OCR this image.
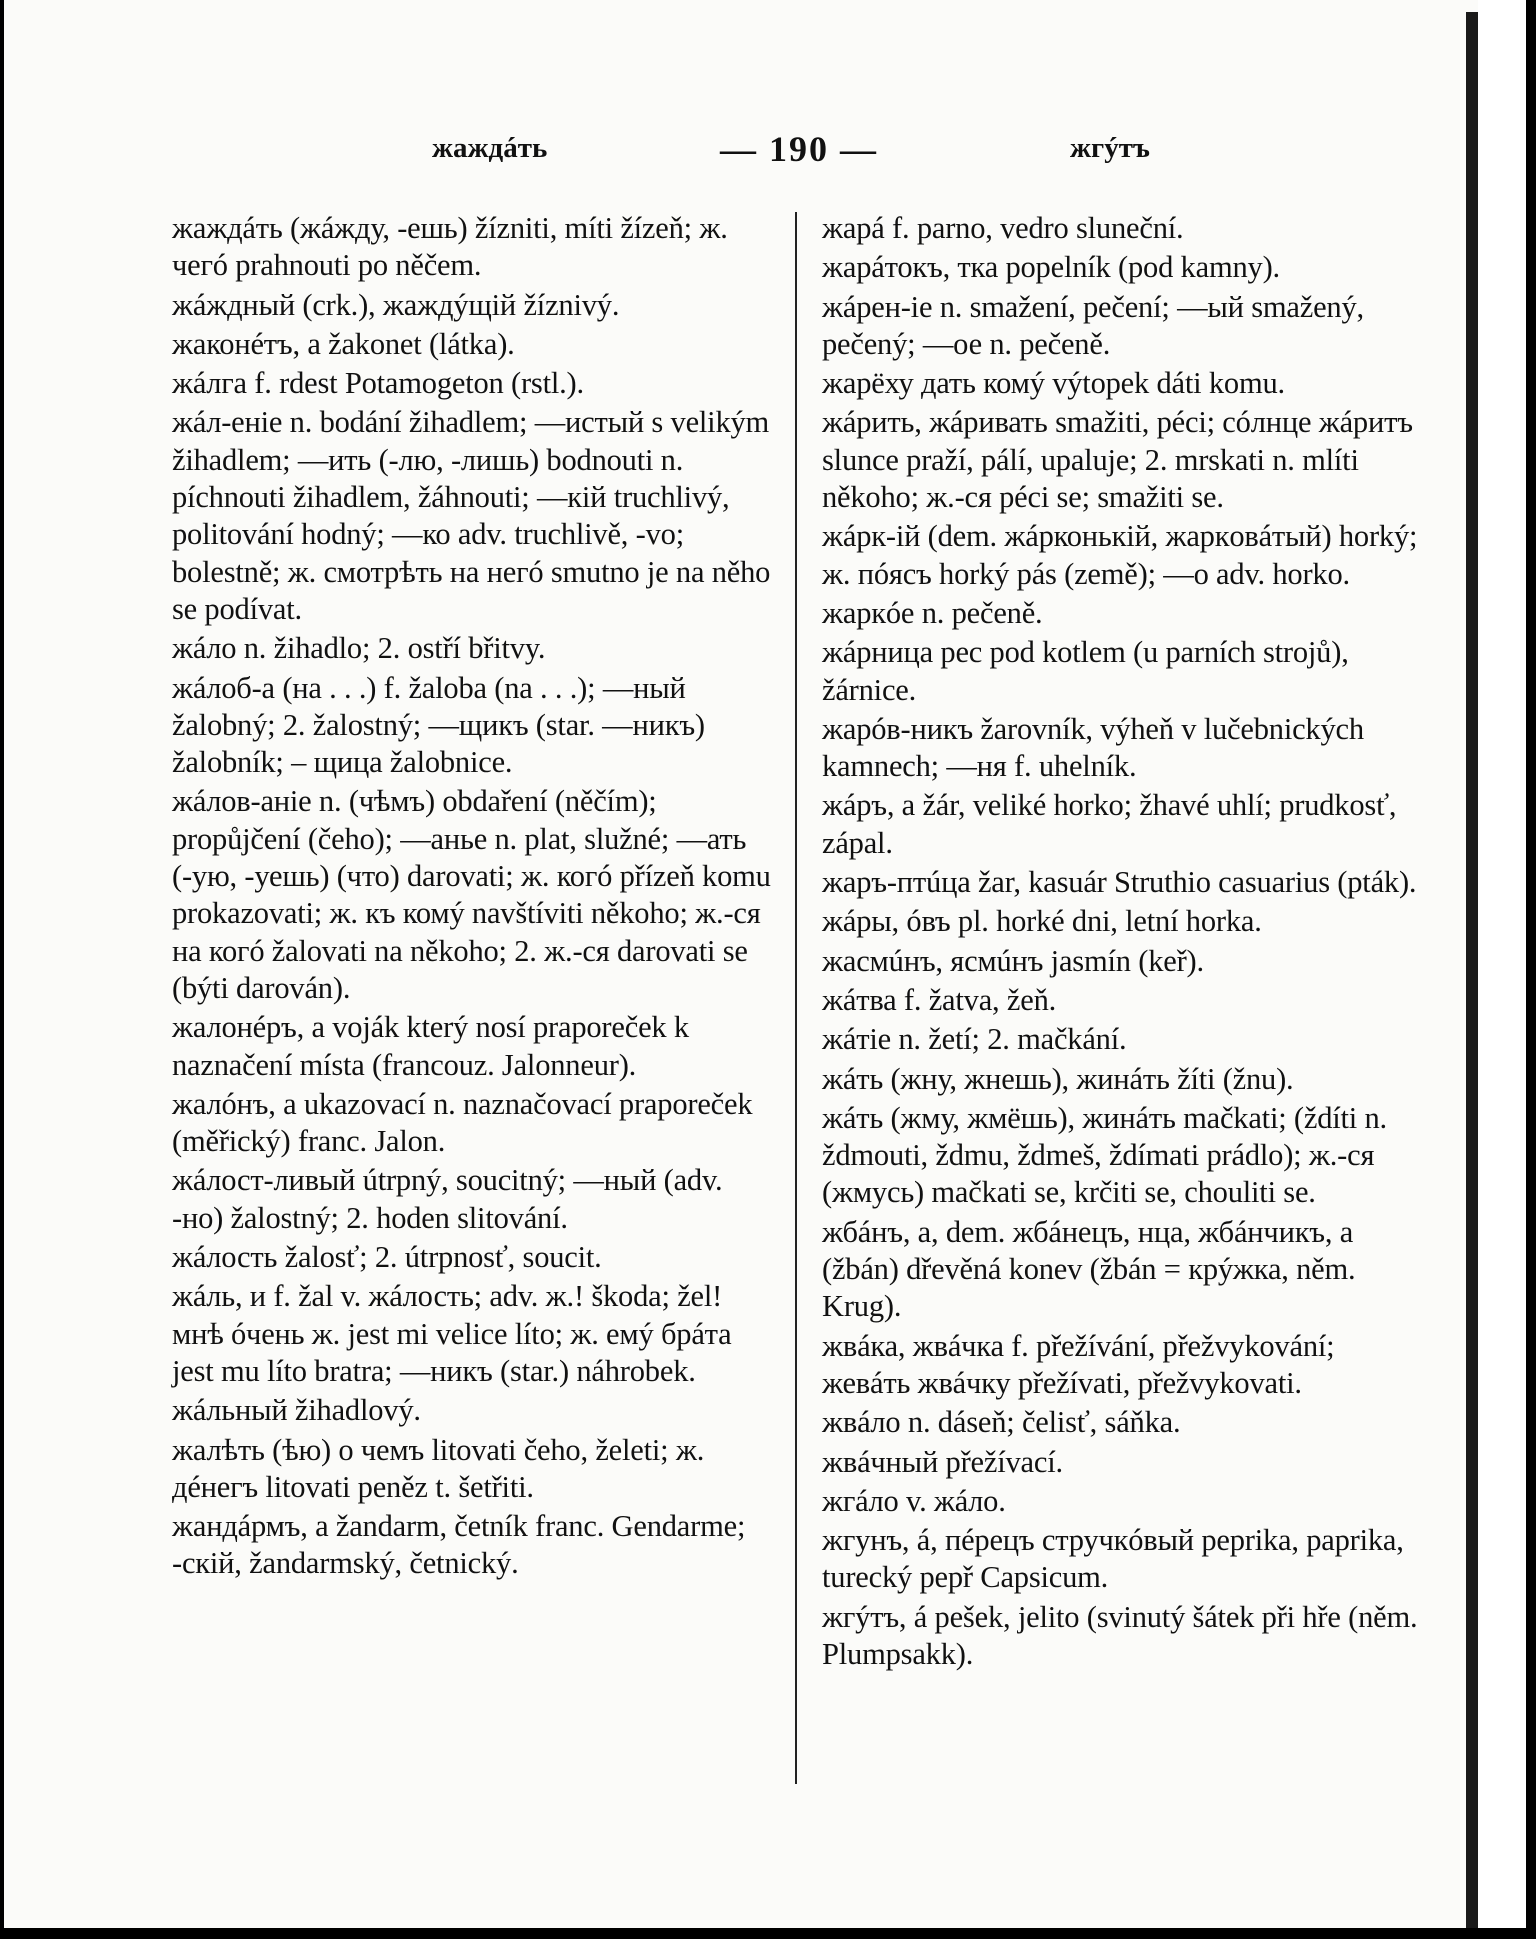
жаждáть	— 190 —	жгýтъ
жаждáть (жáжду, -ешь) žízniti, míti žízeň; ж. чегó prahnouti po něčem.
жáждный (crk.), жаждýщій žíznivý.
жаконéтъ, а žakonet (látka).
жáлга f. rdest Potamogeton (rstl.).
жáл-еніе n. bodání žihadlem; —истый s velikým žihadlem; —ить (-лю, -лишь) bodnouti n. píchnouti žihadlem, žáhnouti; —кій truchlivý, politování hodný; —ко adv. truchlivě, -vo; bolestně; ж. смотрѣть на негó smutno je na něho se podívat.
жáло n. žihadlo; 2. ostří břitvy.
жáлоб-а (на . . .) f. žaloba (na . . .); —ный žalobný; 2. žalostný; —щикъ (star. —никъ) žalobník; – щица žalobnice.
жáлов-аніе n. (чѣмъ) obdaření (něčím); propůjčení (čeho); —анье n. plat, služné; —ать (-ую, -уешь) (что) darovati; ж. когó přízeň komu prokazovati; ж. къ комý navštíviti někoho; ж.-ся на когó žalovati na někoho; 2. ж.-ся darovati se (býti darován).
жалонéръ, а voják který nosí praporeček k naznačení místa (francouz. Jalonneur).
жалóнъ, а ukazovací n. naznačovací praporeček (měřický) franc. Jalon.
жáлост-ливый útrpný, soucitný; —ный (adv. -но) žalostný; 2. hoden slitování.
жáлость žalosť; 2. útrpnosť, soucit.
жáль, и f. žal v. жáлость; adv. ж.! škoda; žel! мнѣ óчень ж. jest mi velice líto; ж. емý брáта jest mu líto bratra; —никъ (star.) náhrobek.
жáльный žihadlový.
жалѣть (ѣю) о чемъ litovati čeho, želeti; ж. дéнегъ litovati peněz t. šetřiti.
жандáрмъ, а žandarm, četník franc. Gendarme; -скій, žandarmský, četnický.
жарá f. parno, vedro sluneční.
жарáтокъ, тка popelník (pod kamny).
жáрен-іе n. smažení, pečení; —ый smažený, pečený; —ое n. pečeně.
жарёху дать комý výtopek dáti komu.
жáрить, жáривать smažiti, péci; сóлнце жáритъ slunce praží, pálí, upaluje; 2. mrskati n. mlíti někoho; ж.-ся péci se; smažiti se.
жáрк-ій (dem. жáрконькій, жаркoвáтый) horký; ж. пóясъ horký pás (země); —о adv. horko.
жаркóе n. pečeně.
жáрница pec pod kotlem (u parních strojů), žárnice.
жарóв-никъ žarovník, výheň v lučebnických kamnech; —ня f. uhelník.
жáръ, а žár, veliké horko; žhavé uhlí; prudkosť, zápal.
жаръ-птúца žar, kasuár Struthio casuarius (pták).
жáры, óвъ pl. horké dni, letní horka.
жасмúнъ, ясмúнъ jasmín (keř).
жáтва f. žatva, žeň.
жáтіе n. žetí; 2. mačkání.
жáть (жну, жнешь), жинáть žíti (žnu).
жáть (жму, жмёшь), жинáть mačkati; (ždíti n. ždmouti, ždmu, ždmeš, ždímati prádlo); ж.-ся (жмусь) mačkati se, krčiti se, chouliti se.
жбáнъ, а, dem. жбáнецъ, нца, жбáнчикъ, а (žbán) dřevěná konev (žbán = крýжка, něm. Krug).
жвáка, жвáчка f. přežívání, přežvykování; жевáть жвáчку přežívati, přežvykovati.
жвáло n. dáseň; čelisť, sáňka.
жвáчный přežívací.
жгáло v. жáло.
жгунъ, á, пéрецъ стручкóвый peprika, paprika, turecký pepř Capsicum.
жгýтъ, á pešek, jelito (svinutý šátek při hře (něm. Plumpsakk).
